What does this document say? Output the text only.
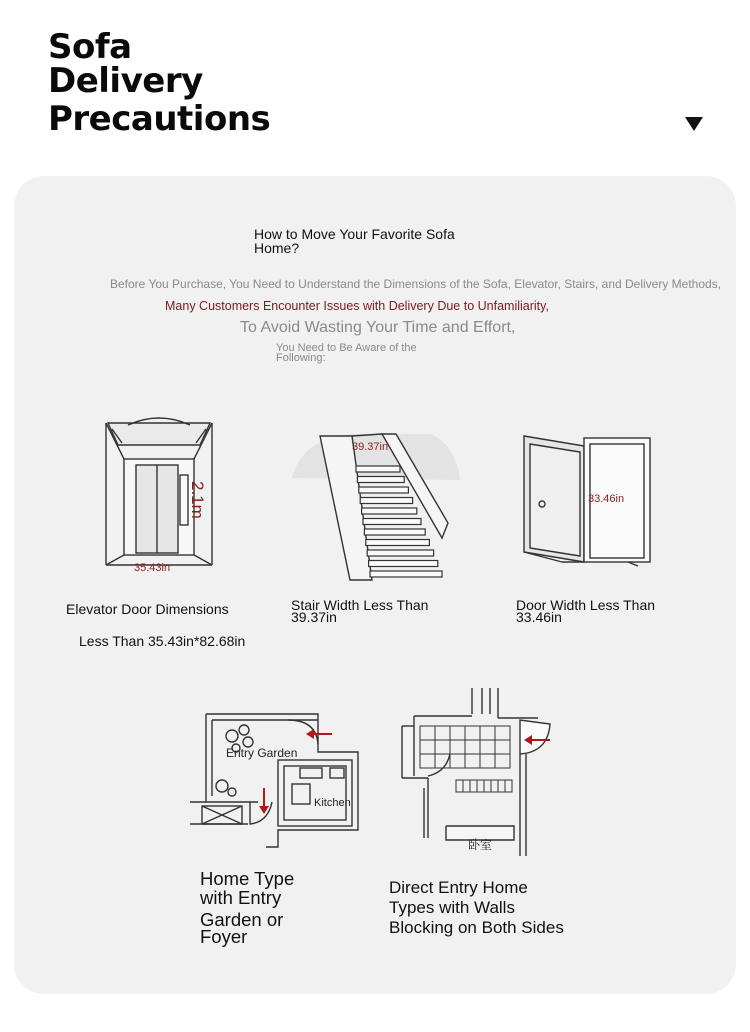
Sofa
Delivery
Precautions
How to Move Your Favorite Sofa Home?
Before You Purchase, You Need to Understand the Dimensions of the Sofa, Elevator, Stairs, and Delivery Methods,
Many Customers Encounter Issues with Delivery Due to Unfamiliarity,
To Avoid Wasting Your Time and Effort,
You Need to Be Aware of the Following:
2.1m
35.43in
Elevator Door Dimensions
Less Than 35.43in*82.68in
39.37in
Stair Width Less Than
39.37in
33.46in
Door Width Less Than
33.46in
Entry Garden
Kitchen
Home Type
with Entry
Garden or
Foyer
卧室
Direct Entry Home
Types with Walls
Blocking on Both Sides
